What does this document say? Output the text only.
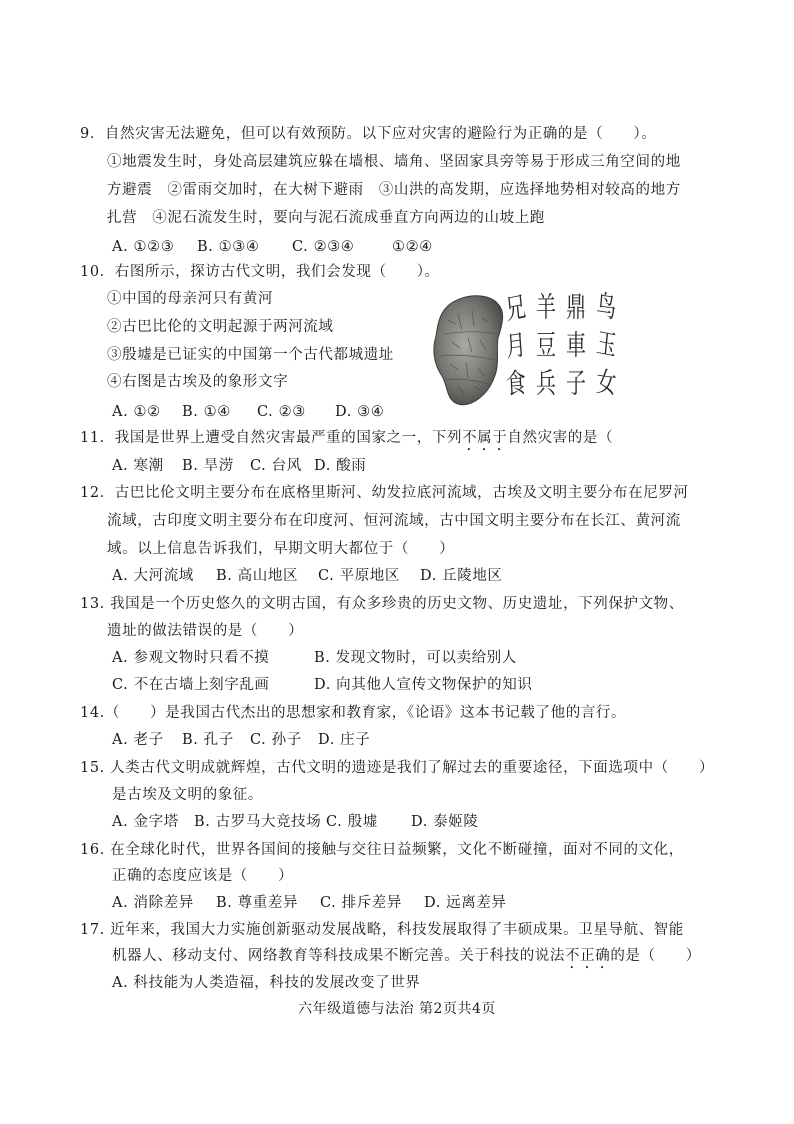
9．自然灾害无法避免，但可以有效预防。以下应对灾害的避险行为正确的是（　　）。
①地震发生时，身处高层建筑应躲在墙根、墙角、坚固家具旁等易于形成三角空间的地
方避震　②雷雨交加时，在大树下避雨　③山洪的高发期，应选择地势相对较高的地方
扎营　④泥石流发生时，要向与泥石流成垂直方向两边的山坡上跑
A. ①②③ B. ①③④ C. ②③④	①②④
10．右图所示，探访古代文明，我们会发现（　　）。
①中国的母亲河只有黄河
②古巴比伦的文明起源于两河流域
③殷墟是已证实的中国第一个古代都城遗址
④右图是古埃及的象形文字
A. ①② B. ①④ C. ②③ D. ③④
兄 羊 鼎 鸟
月 豆 車 玉
食 兵 子 女
11．我国是世界上遭受自然灾害最严重的国家之一，下列不属于自然灾害的是（
A. 寒潮 B. 旱涝 C. 台风 D. 酸雨
12．古巴比伦文明主要分布在底格里斯河、幼发拉底河流域，古埃及文明主要分布在尼罗河
流域，古印度文明主要分布在印度河、恒河流域，古中国文明主要分布在长江、黄河流
域。以上信息告诉我们，早期文明大都位于（　　）
A. 大河流域 B. 高山地区 C. 平原地区 D. 丘陵地区
13. 我国是一个历史悠久的文明古国，有众多珍贵的历史文物、历史遗址，下列保护文物、
遗址的做法错误的是（　　）
A. 参观文物时只看不摸	B. 发现文物时，可以卖给别人
C. 不在古墙上刻字乱画	D. 向其他人宣传文物保护的知识
14.（　　）是我国古代杰出的思想家和教育家，《论语》这本书记载了他的言行。
A. 老子 B. 孔子 C. 孙子 D. 庄子
15. 人类古代文明成就辉煌，古代文明的遗迹是我们了解过去的重要途径，下面选项中（　　）
是古埃及文明的象征。
A. 金字塔 B. 古罗马大竞技场 C. 殷墟 D. 泰姬陵
16. 在全球化时代，世界各国间的接触与交往日益频繁，文化不断碰撞，面对不同的文化，
正确的态度应该是（　　）
A. 消除差异 B. 尊重差异 C. 排斥差异 D. 远离差异
17. 近年来，我国大力实施创新驱动发展战略，科技发展取得了丰硕成果。卫星导航、智能
机器人、移动支付、网络教育等科技成果不断完善。关于科技的说法不正确的是（　　）
A. 科技能为人类造福，科技的发展改变了世界
六年级道德与法治 第2页共4页
